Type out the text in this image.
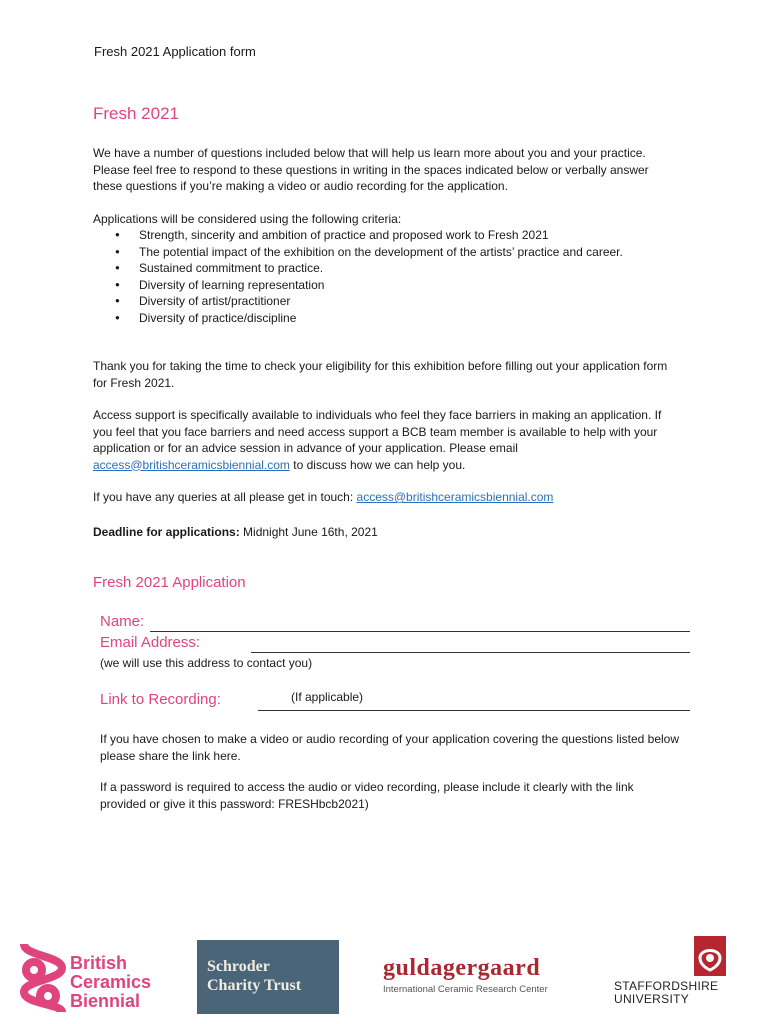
Fresh 2021 Application form
Fresh 2021
We have a number of questions included below that will help us learn more about you and your practice. Please feel free to respond to these questions in writing in the spaces indicated below or verbally answer these questions if you’re making a video or audio recording for the application.
Applications will be considered using the following criteria:
● Strength, sincerity and ambition of practice and proposed work to Fresh 2021
● The potential impact of the exhibition on the development of the artists’ practice and career.
● Sustained commitment to practice.
● Diversity of learning representation
● Diversity of artist/practitioner
● Diversity of practice/discipline
Thank you for taking the time to check your eligibility for this exhibition before filling out your application form for Fresh 2021.
Access support is specifically available to individuals who feel they face barriers in making an application. If you feel that you face barriers and need access support a BCB team member is available to help with your application or for an advice session in advance of your application. Please email access@britishceramicsbiennial.com to discuss how we can help you.
If you have any queries at all please get in touch: access@britishceramicsbiennial.com
Deadline for applications: Midnight June 16th, 2021
Fresh 2021 Application
Name:
Email Address:
(we will use this address to contact you)
Link to Recording:	(If applicable)
If you have chosen to make a video or audio recording of your application covering the questions listed below please share the link here.
If a password is required to access the audio or video recording, please include it clearly with the link provided or give it this password: FRESHbcb2021)
British
Ceramics
Biennial
Schroder
Charity Trust
guldagergaard
International Ceramic Research Center	STAFFORDSHIRE
UNIVERSITY
